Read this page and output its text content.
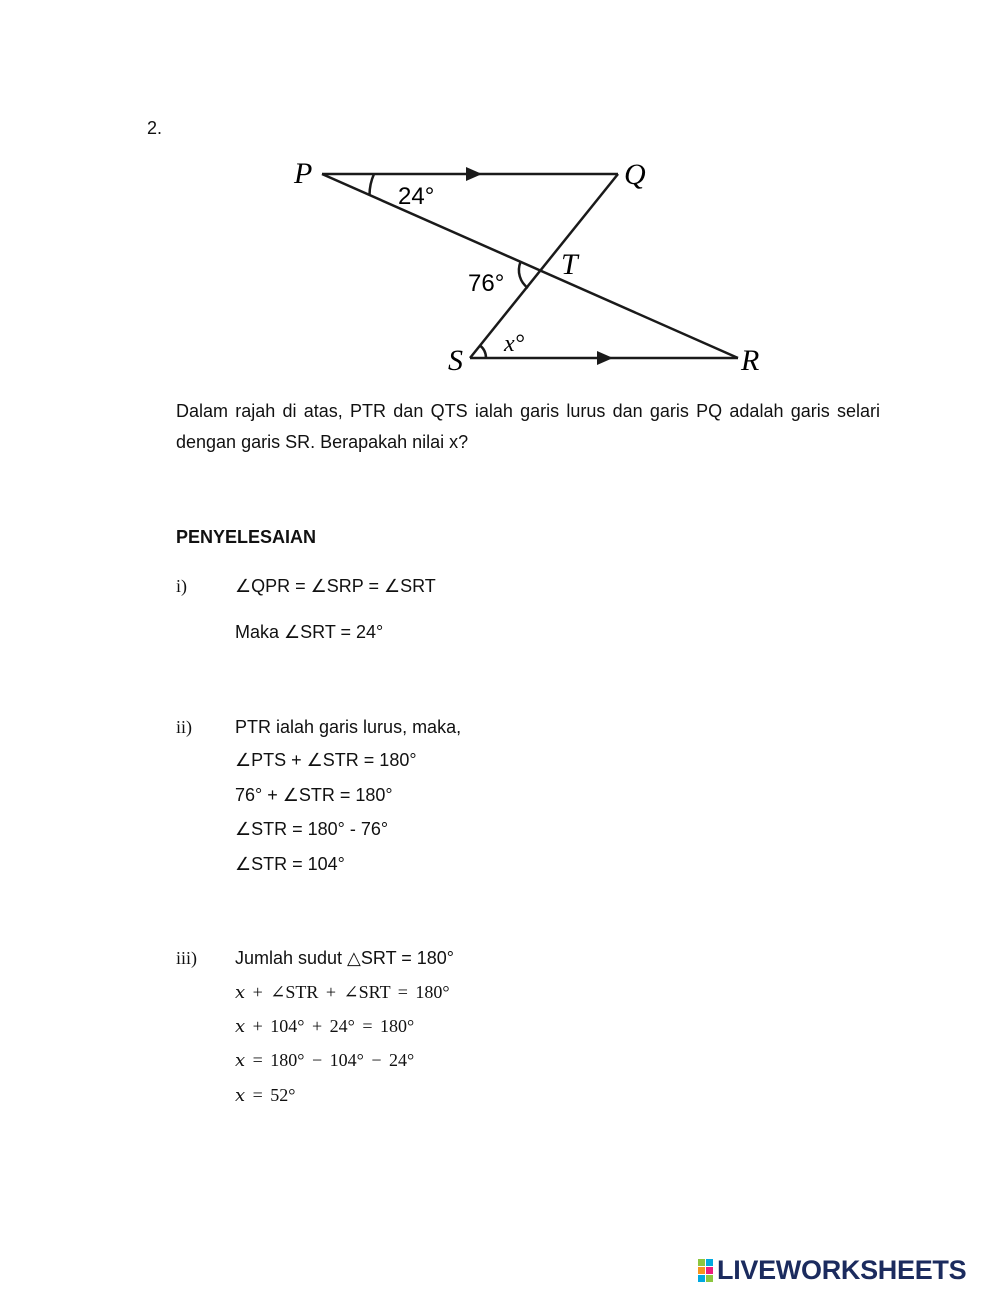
2.
P	Q
T
S	R
24°
76°
x°
Dalam rajah di atas, PTR dan QTS ialah garis lurus dan garis PQ adalah garis selari dengan garis SR. Berapakah nilai x?
PENYELESAIAN
i)	∠QPR = ∠SRP = ∠SRT
Maka ∠SRT = 24°
ii) PTR ialah garis lurus, maka,
∠PTS + ∠STR = 180°
76° + ∠STR = 180°
∠STR = 180° - 76°
∠STR = 104°
iii) Jumlah sudut △SRT = 180°
𝑥 + ∠STR + ∠SRT = 180°
𝑥 + 104° + 24° = 180°
𝑥 = 180° − 104° − 24°
𝑥 = 52°
LIVEWORKSHEETS
